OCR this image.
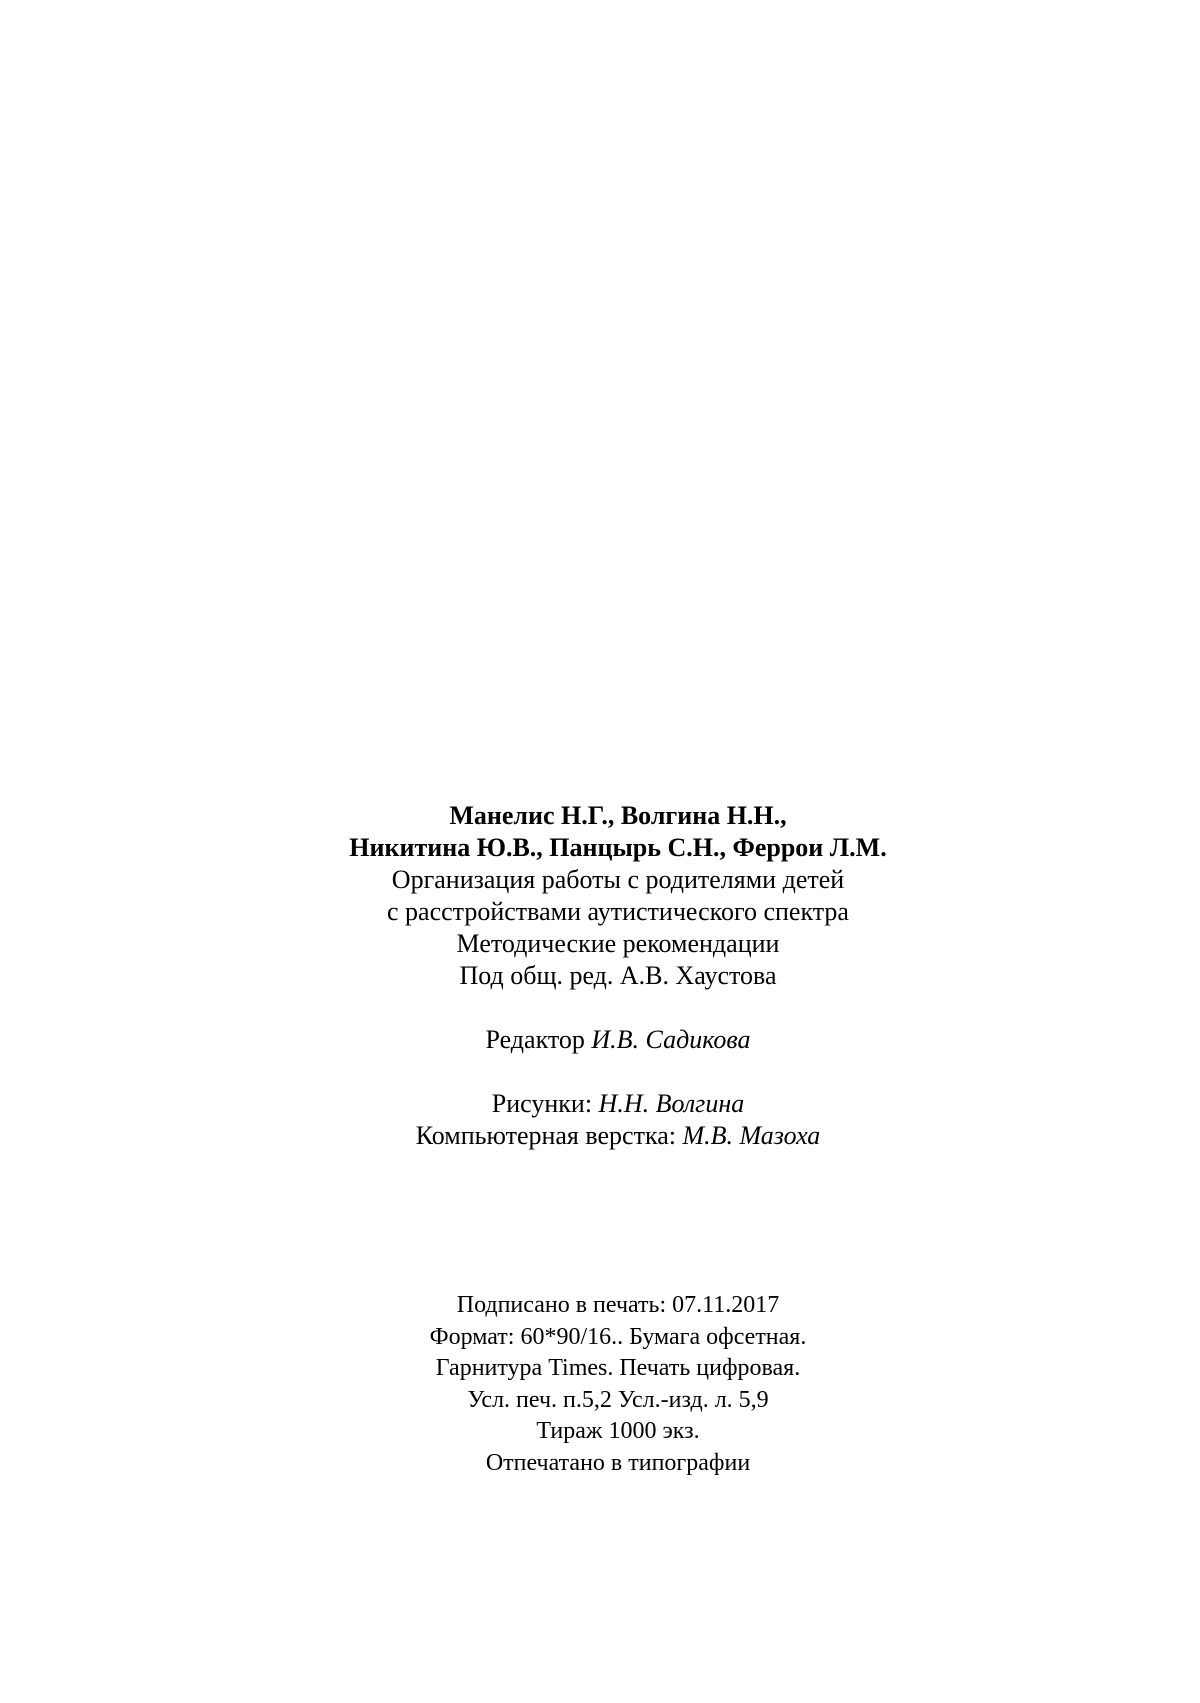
Манелис Н.Г., Волгина Н.Н.,
Никитина Ю.В., Панцырь С.Н., Феррои Л.М.
Организация работы с родителями детей
с расстройствами аутистического спектра
Методические рекомендации
Под общ. ред. А.В. Хаустова
Редактор И.В. Садикова
Рисунки: Н.Н. Волгина
Компьютерная верстка: М.В. Мазоха
Подписано в печать: 07.11.2017
Формат: 60*90/16.. Бумага офсетная.
Гарнитура Times. Печать цифровая.
Усл. печ. п.5,2 Усл.-изд. л. 5,9
Тираж 1000 экз.
Отпечатано в типографии
